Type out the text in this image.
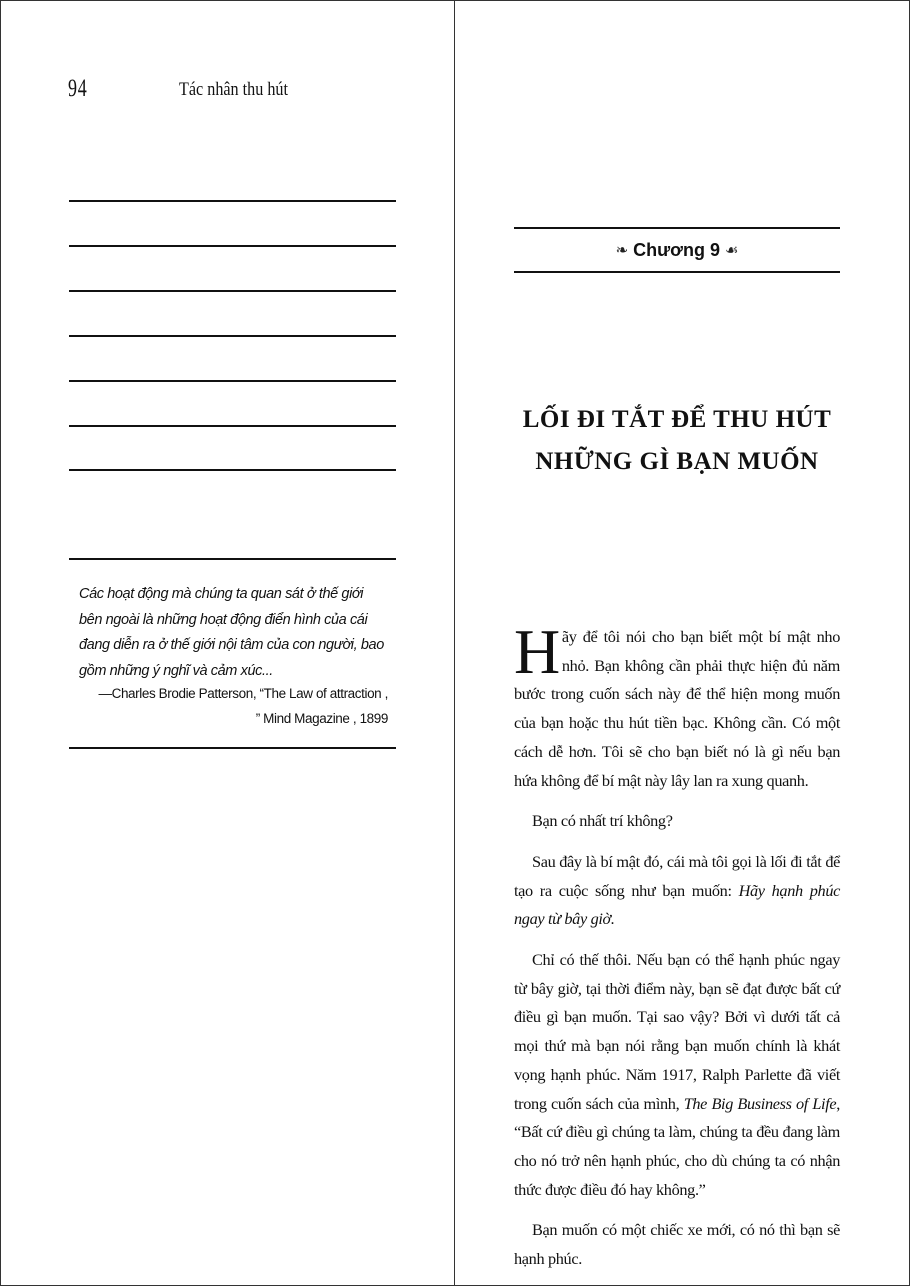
94	Tác nhân thu hút
Các hoạt động mà chúng ta quan sát ở thế giới bên ngoài là những hoạt động điển hình của cái đang diễn ra ở thế giới nội tâm của con người, bao gồm những ý nghĩ và cảm xúc...
—Charles Brodie Patterson, “The Law of attraction ,
” Mind Magazine , 1899
❧ Chương 9 ☙
LỐI ĐI TẮT ĐỂ THU HÚT
NHỮNG GÌ BẠN MUỐN

Hãy để tôi nói cho bạn biết một bí mật nho nhỏ. Bạn không cần phải thực hiện đủ năm bước trong cuốn sách này để thể hiện mong muốn của bạn hoặc thu hút tiền bạc. Không cần. Có một cách dễ hơn. Tôi sẽ cho bạn biết nó là gì nếu bạn hứa không để bí mật này lây lan ra xung quanh.

Bạn có nhất trí không?

Sau đây là bí mật đó, cái mà tôi gọi là lối đi tắt để tạo ra cuộc sống như bạn muốn: Hãy hạnh phúc ngay từ bây giờ.

Chỉ có thế thôi. Nếu bạn có thể hạnh phúc ngay từ bây giờ, tại thời điểm này, bạn sẽ đạt được bất cứ điều gì bạn muốn. Tại sao vậy? Bởi vì dưới tất cả mọi thứ mà bạn nói rằng bạn muốn chính là khát vọng hạnh phúc. Năm 1917, Ralph Parlette đã viết trong cuốn sách của mình, The Big Business of Life, “Bất cứ điều gì chúng ta làm, chúng ta đều đang làm cho nó trở nên hạnh phúc, cho dù chúng ta có nhận thức được điều đó hay không.”

Bạn muốn có một chiếc xe mới, có nó thì bạn sẽ hạnh phúc.
